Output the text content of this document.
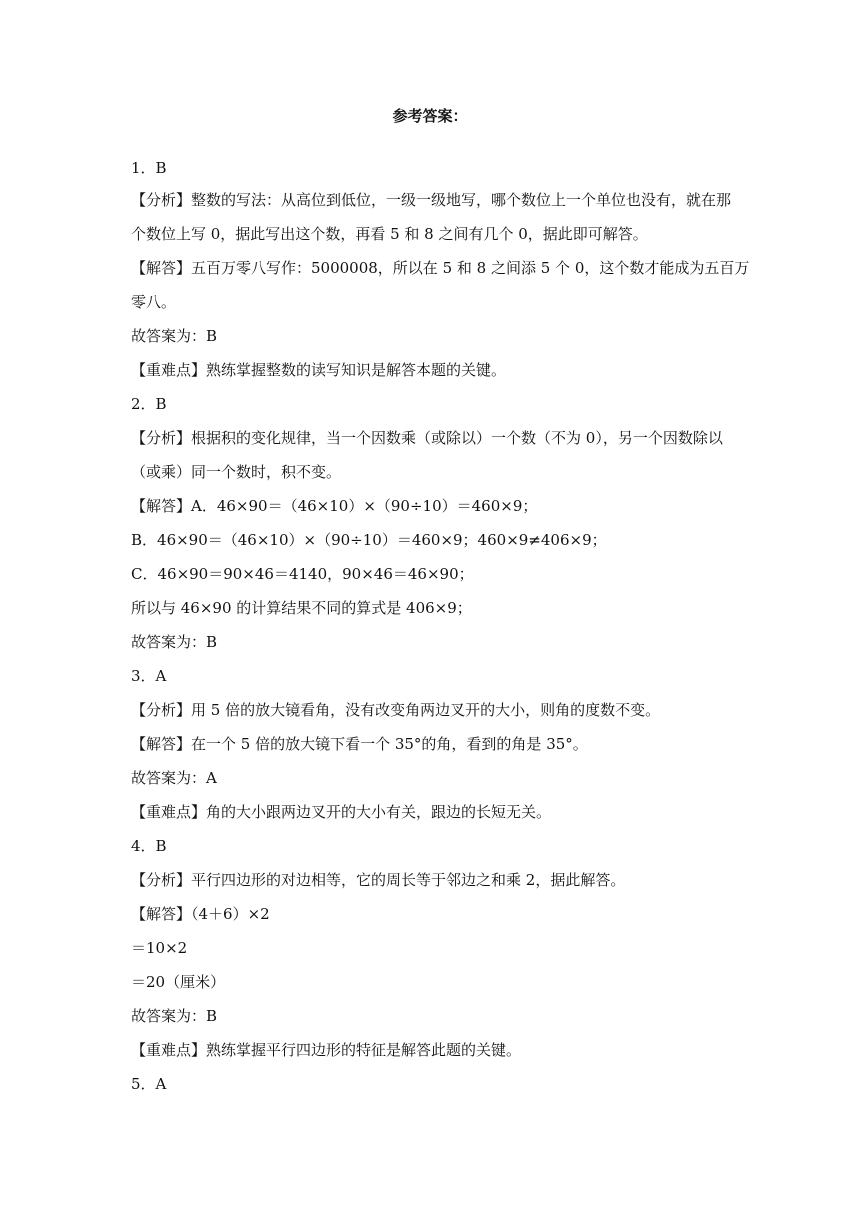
参考答案：
1．B
【分析】整数的写法：从高位到低位，一级一级地写，哪个数位上一个单位也没有，就在那
个数位上写 0，据此写出这个数，再看 5 和 8 之间有几个 0，据此即可解答。
【解答】五百万零八写作：5000008，所以在 5 和 8 之间添 5 个 0，这个数才能成为五百万
零八。
故答案为：B
【重难点】熟练掌握整数的读写知识是解答本题的关键。
2．B
【分析】根据积的变化规律，当一个因数乘（或除以）一个数（不为 0），另一个因数除以
（或乘）同一个数时，积不变。
【解答】A．46×90＝（46×10）×（90÷10）＝460×9；
B．46×90＝（46×10）×（90÷10）＝460×9；460×9≠406×9；
C．46×90＝90×46＝4140，90×46＝46×90；
所以与 46×90 的计算结果不同的算式是 406×9；
故答案为：B
3．A
【分析】用 5 倍的放大镜看角，没有改变角两边叉开的大小，则角的度数不变。
【解答】在一个 5 倍的放大镜下看一个 35°的角，看到的角是 35°。
故答案为：A
【重难点】角的大小跟两边叉开的大小有关，跟边的长短无关。
4．B
【分析】平行四边形的对边相等，它的周长等于邻边之和乘 2，据此解答。
【解答】（4＋6）×2
＝10×2
＝20（厘米）
故答案为：B
【重难点】熟练掌握平行四边形的特征是解答此题的关键。
5．A
